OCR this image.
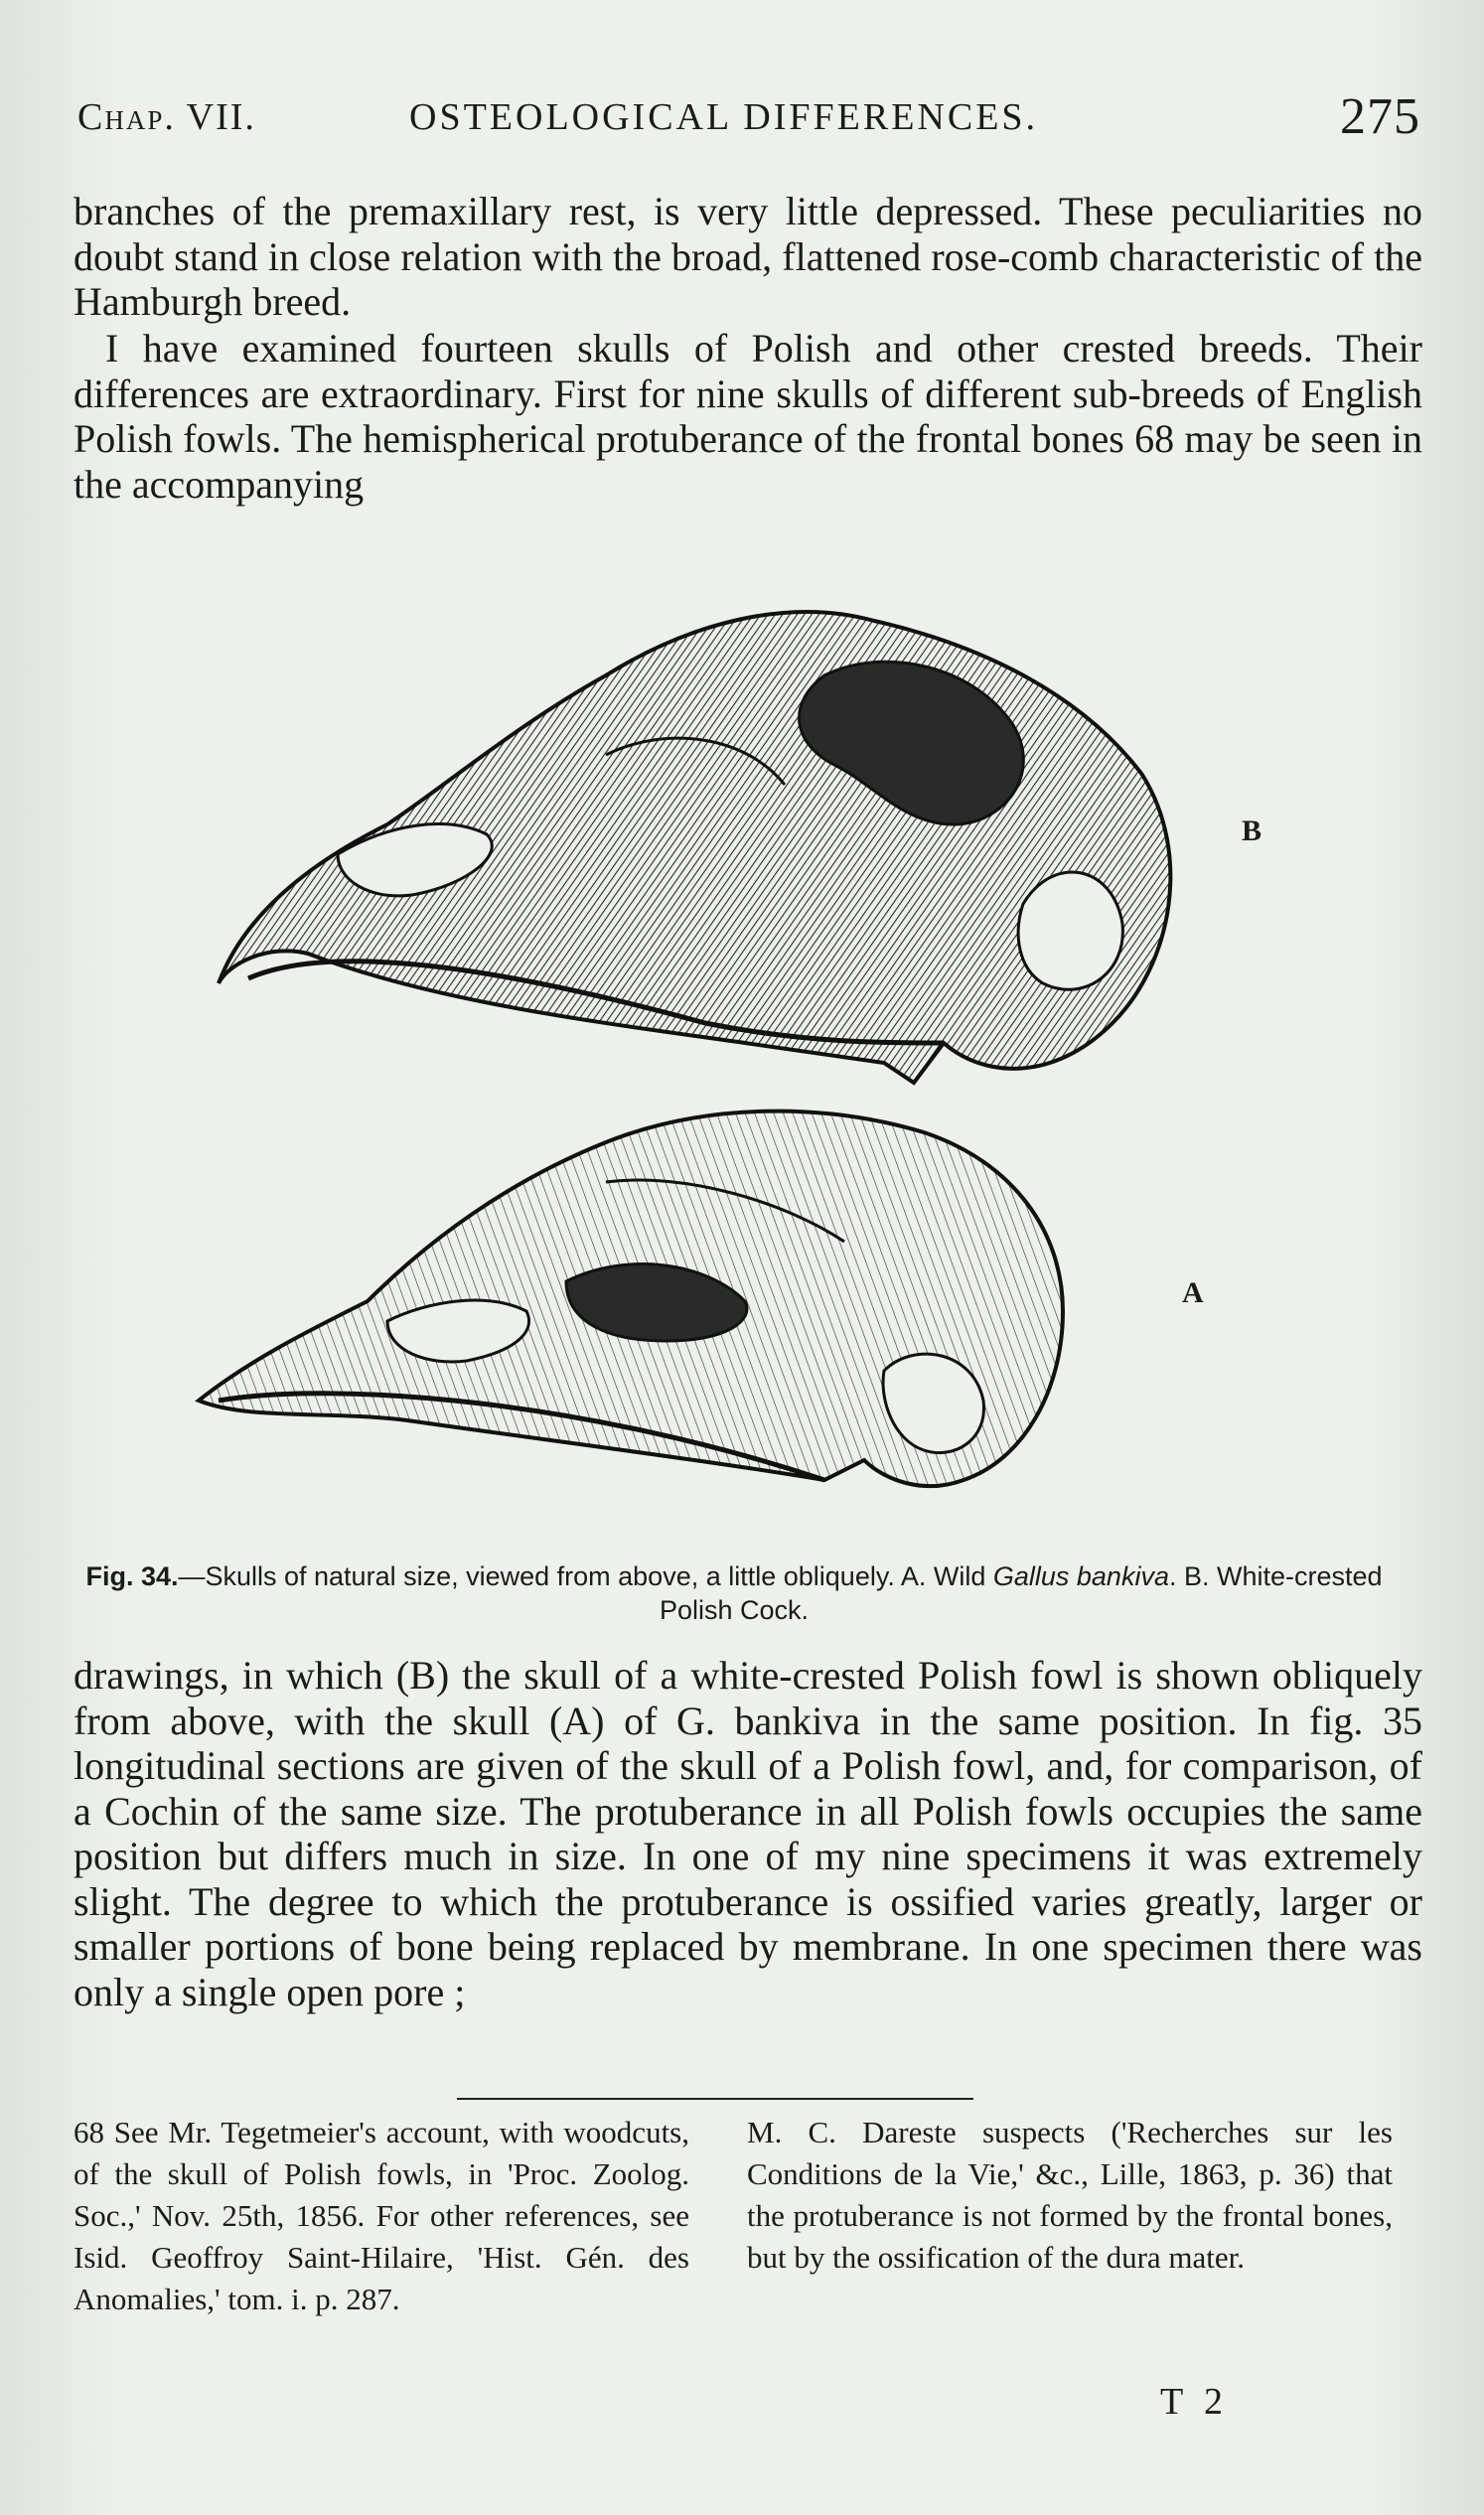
Chap. VII.	OSTEOLOGICAL DIFFERENCES.	275

branches of the premaxillary rest, is very little depressed. These peculiarities no doubt stand in close relation with the broad, flattened rose-comb characteristic of the Hamburgh breed.

I have examined fourteen skulls of Polish and other crested breeds. Their differences are extraordinary. First for nine skulls of different sub-breeds of English Polish fowls. The hemispherical protuberance of the frontal bones 68 may be seen in the accompanying

B
A
Fig. 34.—Skulls of natural size, viewed from above, a little obliquely. A. Wild Gallus bankiva. B. White-crested Polish Cock.

drawings, in which (B) the skull of a white-crested Polish fowl is shown obliquely from above, with the skull (A) of G. bankiva in the same position. In fig. 35 longitudinal sections are given of the skull of a Polish fowl, and, for comparison, of a Cochin of the same size. The protuberance in all Polish fowls occupies the same position but differs much in size. In one of my nine specimens it was extremely slight. The degree to which the protuberance is ossified varies greatly, larger or smaller portions of bone being replaced by membrane. In one specimen there was only a single open pore ;

68 See Mr. Tegetmeier's account, with woodcuts, of the skull of Polish fowls, in 'Proc. Zoolog. Soc.,' Nov. 25th, 1856. For other references, see Isid. Geoffroy Saint-Hilaire, 'Hist. Gén. des Anomalies,' tom. i. p. 287.

M. C. Dareste suspects ('Recherches sur les Conditions de la Vie,' &c., Lille, 1863, p. 36) that the protuberance is not formed by the frontal bones, but by the ossification of the dura mater.

T 2
